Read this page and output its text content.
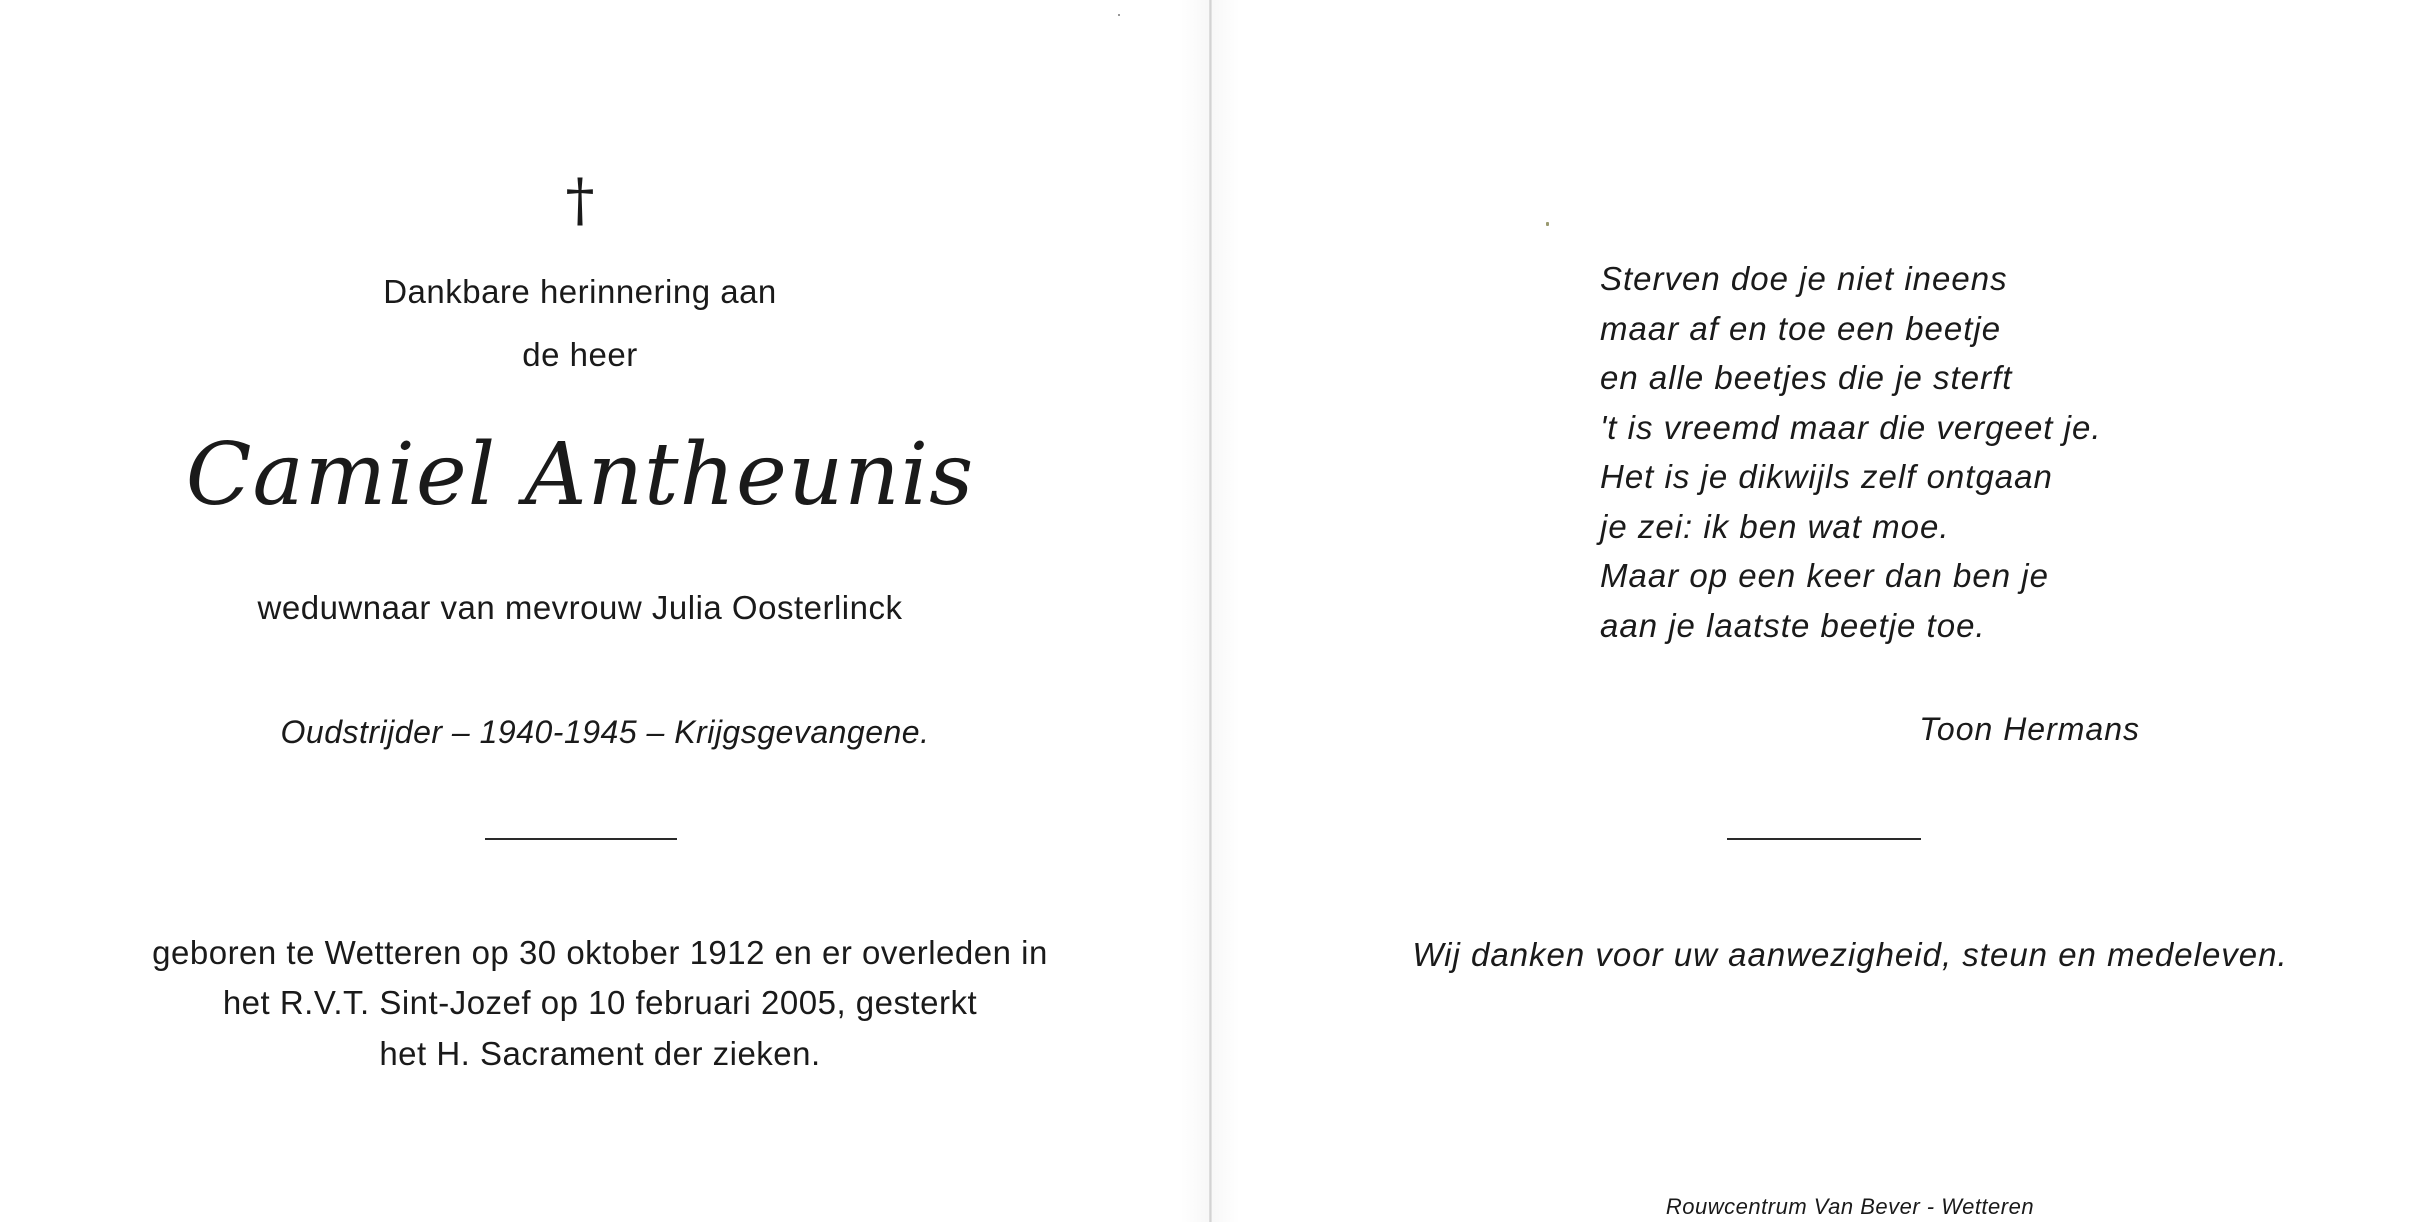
†
Dankbare herinnering aan
de heer
Camiel Antheunis
weduwnaar van mevrouw Julia Oosterlinck
Oudstrijder – 1940-1945 – Krijgsgevangene.
geboren te Wetteren op 30 oktober 1912 en er overleden in
het R.V.T. Sint-Jozef op 10 februari 2005, gesterkt
het H. Sacrament der zieken.
Sterven doe je niet ineens
maar af en toe een beetje
en alle beetjes die je sterft
't is vreemd maar die vergeet je.
Het is je dikwijls zelf ontgaan
je zei: ik ben wat moe.
Maar op een keer dan ben je
aan je laatste beetje toe.
Toon Hermans
Wij danken voor uw aanwezigheid, steun en medeleven.
Rouwcentrum Van Bever - Wetteren
